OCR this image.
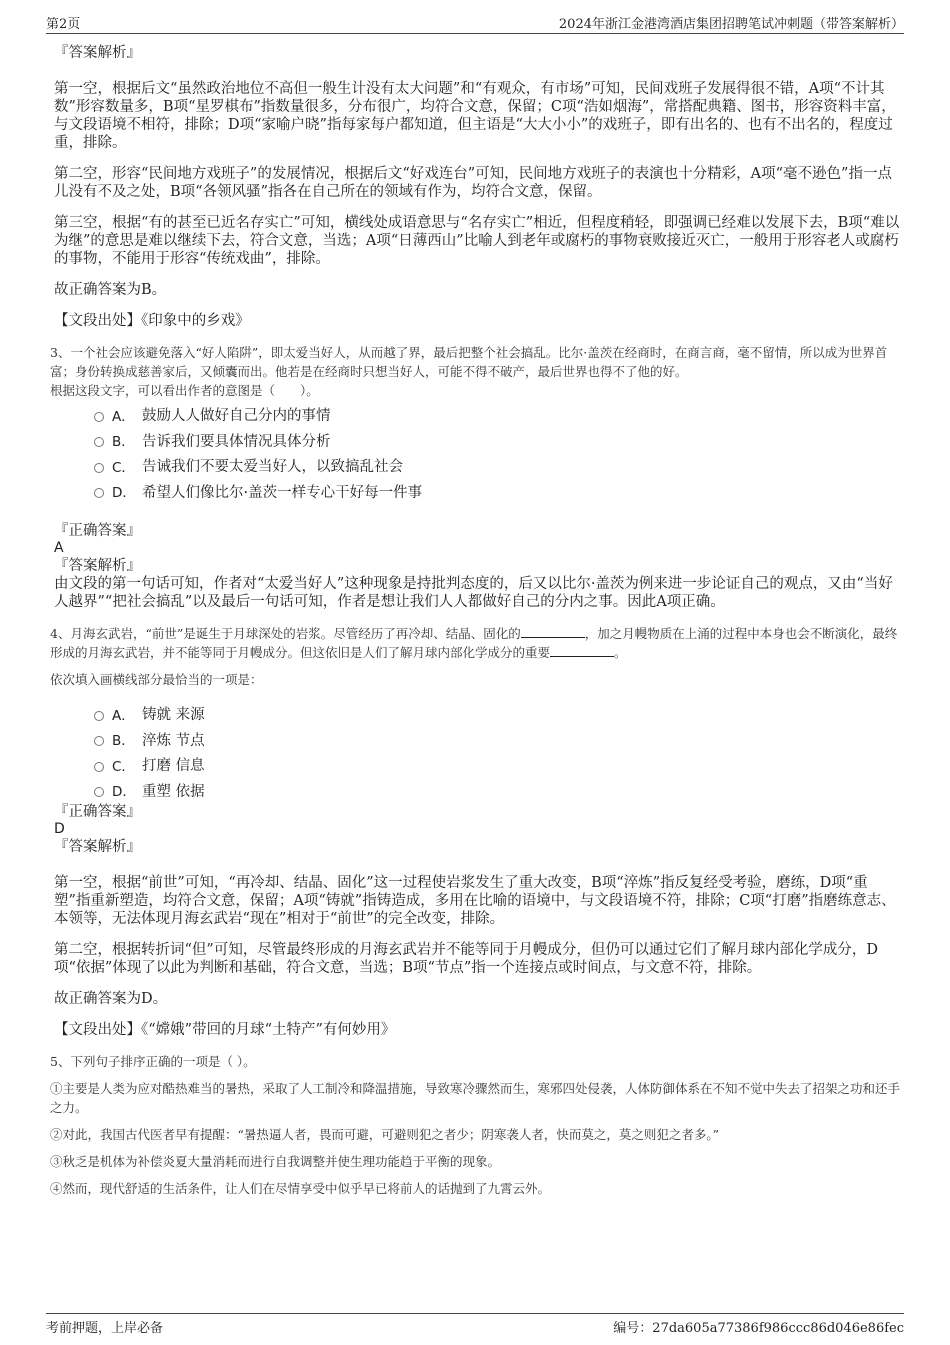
第2页	2024年浙江金港湾酒店集团招聘笔试冲刺题（带答案解析）

『答案解析』

第一空，根据后文“虽然政治地位不高但一般生计没有太大问题”和“有观众，有市场”可知，民间戏班子发展得很不错，A项“不计其数”形容数量多，B项“星罗棋布”指数量很多，分布很广，均符合文意，保留；C项“浩如烟海”，常搭配典籍、图书，形容资料丰富，与文段语境不相符，排除；D项“家喻户晓”指每家每户都知道，但主语是“大大小小”的戏班子，即有出名的、也有不出名的，程度过重，排除。

第二空，形容“民间地方戏班子”的发展情况，根据后文“好戏连台”可知，民间地方戏班子的表演也十分精彩，A项“毫不逊色”指一点儿没有不及之处，B项“各领风骚”指各在自己所在的领域有作为，均符合文意，保留。

第三空，根据“有的甚至已近名存实亡”可知，横线处成语意思与“名存实亡”相近，但程度稍轻，即强调已经难以发展下去，B项“难以为继”的意思是难以继续下去，符合文意，当选；A项“日薄西山”比喻人到老年或腐朽的事物衰败接近灭亡，一般用于形容老人或腐朽的事物，不能用于形容“传统戏曲”，排除。

故正确答案为B。

【文段出处】《印象中的乡戏》

3、一个社会应该避免落入“好人陷阱”，即太爱当好人，从而越了界，最后把整个社会搞乱。比尔·盖茨在经商时，在商言商，毫不留情，所以成为世界首富；身份转换成慈善家后，又倾囊而出。他若是在经商时只想当好人，可能不得不破产，最后世界也得不了他的好。

根据这段文字，可以看出作者的意图是（　　）。

A． 鼓励人人做好自己分内的事情
B． 告诉我们要具体情况具体分析
C． 告诫我们不要太爱当好人，以致搞乱社会
D． 希望人们像比尔·盖茨一样专心干好每一件事

『正确答案』

A

『答案解析』

由文段的第一句话可知，作者对“太爱当好人”这种现象是持批判态度的，后又以比尔·盖茨为例来进一步论证自己的观点，又由“当好人越界”“把社会搞乱”以及最后一句话可知，作者是想让我们人人都做好自己的分内之事。因此A项正确。

4、月海玄武岩，“前世”是诞生于月球深处的岩浆。尽管经历了再冷却、结晶、固化的	，加之月幔物质在上涌的过程中本身也会不断演化，最终形成的月海玄武岩，并不能等同于月幔成分。但这依旧是人们了解月球内部化学成分的重要	。

依次填入画横线部分最恰当的一项是：

A． 铸就 来源
B． 淬炼 节点
C． 打磨 信息
D． 重塑 依据

『正确答案』

D

『答案解析』

第一空，根据“前世”可知，“再冷却、结晶、固化”这一过程使岩浆发生了重大改变，B项“淬炼”指反复经受考验，磨练，D项“重塑”指重新塑造，均符合文意，保留；A项“铸就”指铸造成，多用在比喻的语境中，与文段语境不符，排除；C项“打磨”指磨练意志、本领等，无法体现月海玄武岩“现在”相对于“前世”的完全改变，排除。

第二空，根据转折词“但”可知，尽管最终形成的月海玄武岩并不能等同于月幔成分，但仍可以通过它们了解月球内部化学成分，D项“依据”体现了以此为判断和基础，符合文意，当选；B项“节点”指一个连接点或时间点，与文意不符，排除。

故正确答案为D。

【文段出处】《“嫦娥”带回的月球“土特产”有何妙用》

5、下列句子排序正确的一项是（ ）。

①主要是人类为应对酷热难当的暑热，采取了人工制冷和降温措施，导致寒冷骤然而生，寒邪四处侵袭，人体防御体系在不知不觉中失去了招架之功和还手之力。

②对此，我国古代医者早有提醒：“暑热逼人者，畏而可避，可避则犯之者少；阴寒袭人者，快而莫之，莫之则犯之者多。”

③秋乏是机体为补偿炎夏大量消耗而进行自我调整并使生理功能趋于平衡的现象。

④然而，现代舒适的生活条件，让人们在尽情享受中似乎早已将前人的话抛到了九霄云外。

考前押题，上岸必备	编号：27da605a77386f986ccc86d046e86fec
